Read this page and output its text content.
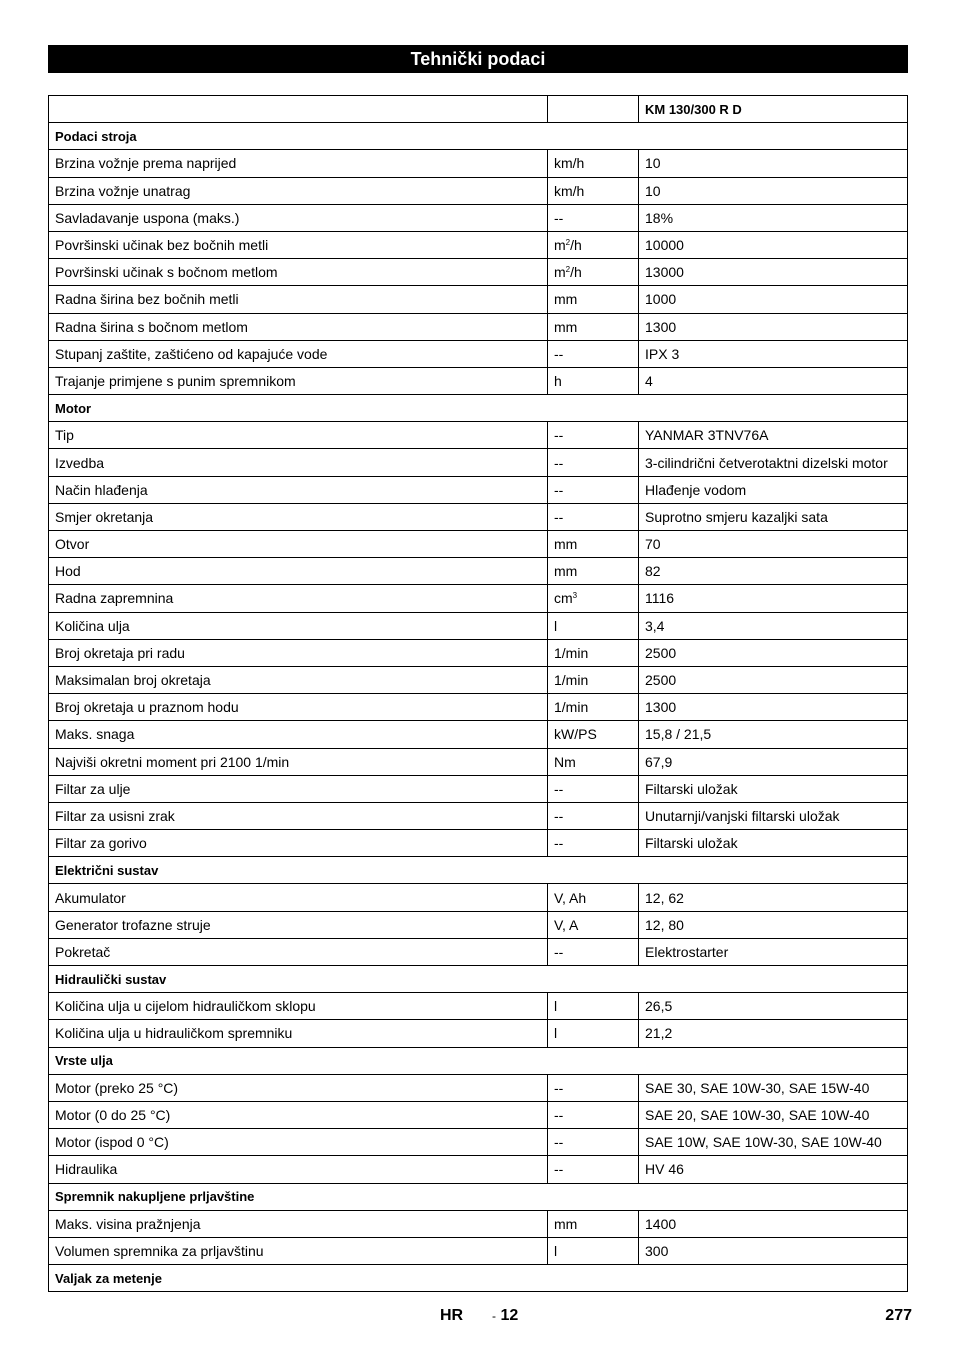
Tehnički podaci
		KM 130/300 R D
Podaci stroja		
Brzina vožnje prema naprijed	km/h	10
Brzina vožnje unatrag	km/h	10
Savladavanje uspona (maks.)	--	18%
Površinski učinak bez bočnih metli	$m^2/h$	10000
Površinski učinak s bočnom metlom	$m^2/h$	13000
Radna širina bez bočnih metli	mm	1000
Radna širina s bočnom metlom	mm	1300
Stupanj zaštite, zaštićeno od kapajuće vode	--	IPX 3
Trajanje primjene s punim spremnikom	h	4
Motor		
Tip	--	YANMAR 3TNV76A
Izvedba	--	3-cilindrični četverotaktni dizelski motor
Način hlađenja	--	Hlađenje vodom
Smjer okretanja	--	Suprotno smjeru kazaljki sata
Otvor	mm	70
Hod	mm	82
Radna zapremnina	$cm^3$	1116
Količina ulja	l	3,4
Broj okretaja pri radu	1/min	2500
Maksimalan broj okretaja	1/min	2500
Broj okretaja u praznom hodu	1/min	1300
Maks. snaga	kW/PS	15,8 / 21,5
Najviši okretni moment pri 2100 1/min	Nm	67,9
Filtar za ulje	--	Filtarski uložak
Filtar za usisni zrak	--	Unutarnji/vanjski filtarski uložak
Filtar za gorivo	--	Filtarski uložak
Električni sustav		
Akumulator	V, Ah	12, 62
Generator trofazne struje	V, A	12, 80
Pokretač	--	Elektrostarter
Hidraulički sustav		
Količina ulja u cijelom hidrauličkom sklopu	l	26,5
Količina ulja u hidrauličkom spremniku	l	21,2
Vrste ulja		
Motor (preko 25 °C)	--	SAE 30, SAE 10W-30, SAE 15W-40
Motor (0 do 25 °C)	--	SAE 20, SAE 10W-30, SAE 10W-40
Motor (ispod 0 °C)	--	SAE 10W, SAE 10W-30, SAE 10W-40
Hidraulika	--	HV 46
Spremnik nakupljene prljavštine		
Maks. visina pražnjenja	mm	1400
Volumen spremnika za prljavštinu	l	300
Valjak za metenje		
HR - 12	277
